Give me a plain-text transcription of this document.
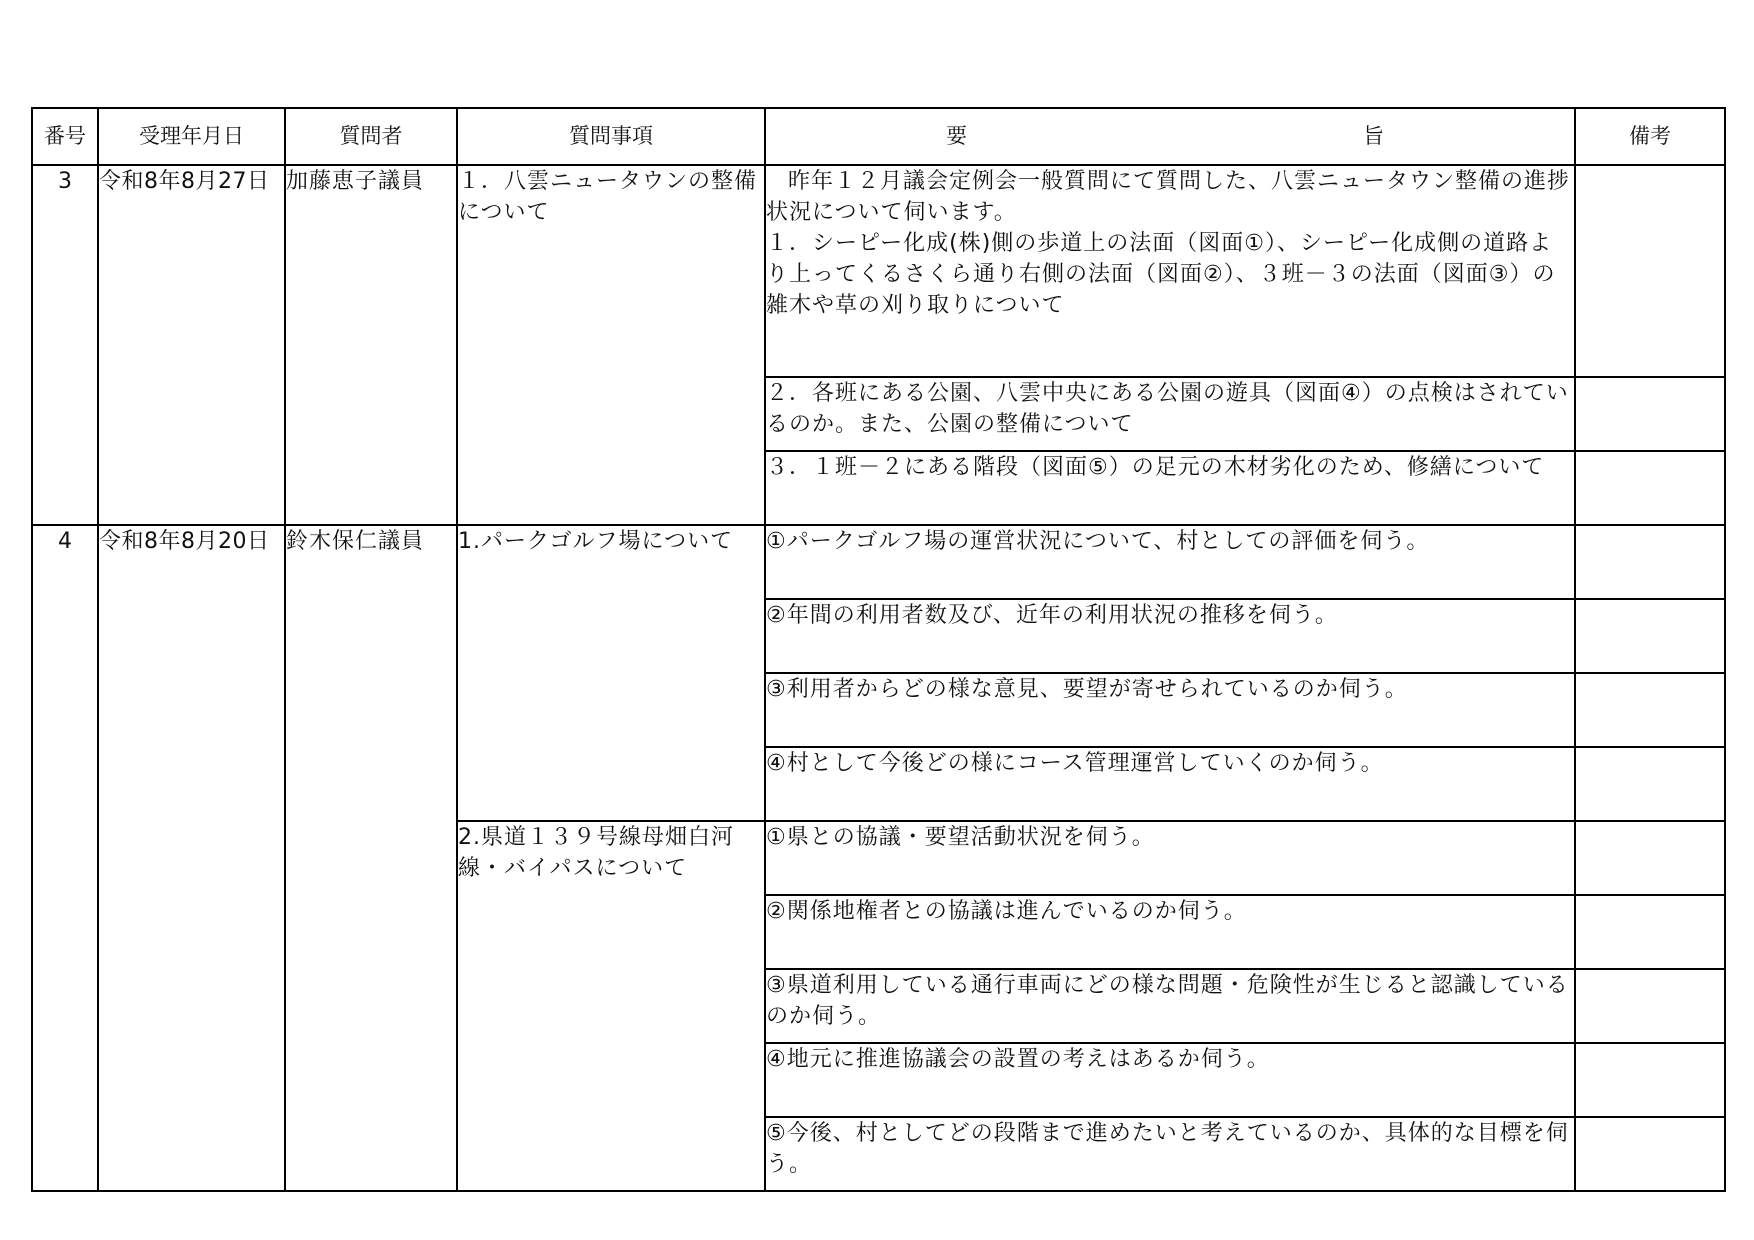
番号	受理年月日	質問者	質問事項	要 旨	備考
3	令和8年8月27日	加藤恵子議員	１．八雲ニュータウンの整備について	昨年１２月議会定例会一般質問にて質問した、八雲ニュータウン整備の進捗状況について伺います。

１．シーピー化成(株)側の歩道上の法面（図面①）、シーピー化成側の道路より上ってくるさくら通り右側の法面（図面②）、３班－３の法面（図面③）の雑木や草の刈り取りについて	

				２．各班にある公園、八雲中央にある公園の遊具（図面④）の点検はされているのか。また、公園の整備について	
				３．１班－２にある階段（図面⑤）の足元の木材劣化のため、修繕について	
4	令和8年8月20日	鈴木保仁議員	1.パークゴルフ場について	①パークゴルフ場の運営状況について、村としての評価を伺う。	
				②年間の利用者数及び、近年の利用状況の推移を伺う。	
				③利用者からどの様な意見、要望が寄せられているのか伺う。	
				④村として今後どの様にコース管理運営していくのか伺う。	
			2.県道１３９号線母畑白河線・バイパスについて	①県との協議・要望活動状況を伺う。	
				②関係地権者との協議は進んでいるのか伺う。	
				③県道利用している通行車両にどの様な問題・危険性が生じると認識しているのか伺う。	
				④地元に推進協議会の設置の考えはあるか伺う。	
				⑤今後、村としてどの段階まで進めたいと考えているのか、具体的な目標を伺う。	
